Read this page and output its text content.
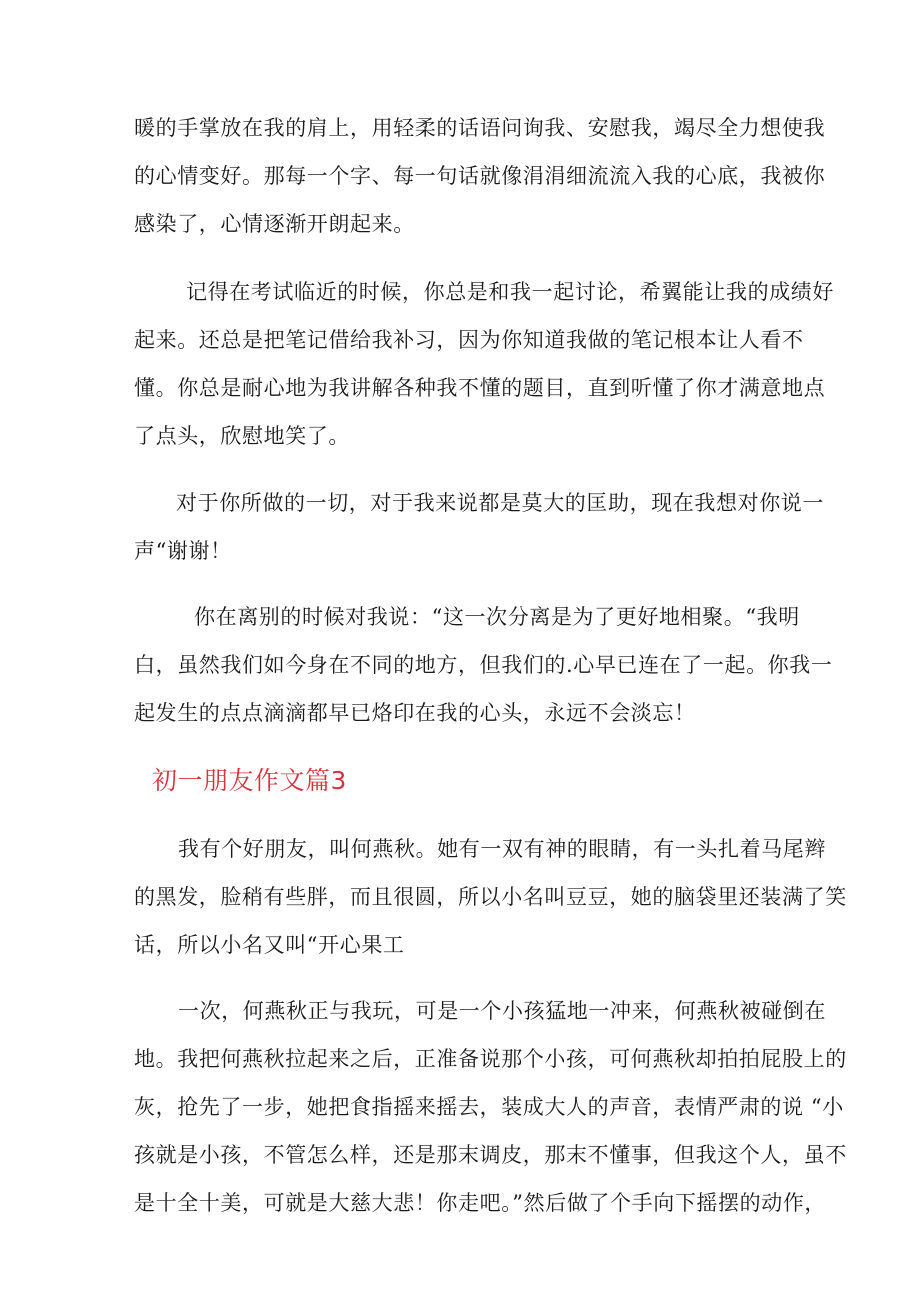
暖的手掌放在我的肩上，用轻柔的话语问询我、安慰我，竭尽全力想使我
的心情变好。那每一个字、每一句话就像涓涓细流流入我的心底，我被你
感染了，心情逐渐开朗起来。
记得在考试临近的时候，你总是和我一起讨论，希翼能让我的成绩好
起来。还总是把笔记借给我补习，因为你知道我做的笔记根本让人看不
懂。你总是耐心地为我讲解各种我不懂的题目，直到听懂了你才满意地点
了点头，欣慰地笑了。
对于你所做的一切，对于我来说都是莫大的匡助，现在我想对你说一
声“谢谢！
你在离别的时候对我说：“这一次分离是为了更好地相聚。“我明
白，虽然我们如今身在不同的地方，但我们的.心早已连在了一起。你我一
起发生的点点滴滴都早已烙印在我的心头，永远不会淡忘！
初一朋友作文篇3
我有个好朋友，叫何燕秋。她有一双有神的眼睛，有一头扎着马尾辫
的黑发，脸稍有些胖，而且很圆，所以小名叫豆豆，她的脑袋里还装满了笑
话，所以小名又叫“开心果工
一次，何燕秋正与我玩，可是一个小孩猛地一冲来，何燕秋被碰倒在
地。我把何燕秋拉起来之后，正准备说那个小孩，可何燕秋却拍拍屁股上的
灰，抢先了一步，她把食指摇来摇去，装成大人的声音，表情严肃的说 “小
孩就是小孩，不管怎么样，还是那末调皮，那末不懂事，但我这个人，虽不
是十全十美，可就是大慈大悲！你走吧。”然后做了个手向下摇摆的动作，
